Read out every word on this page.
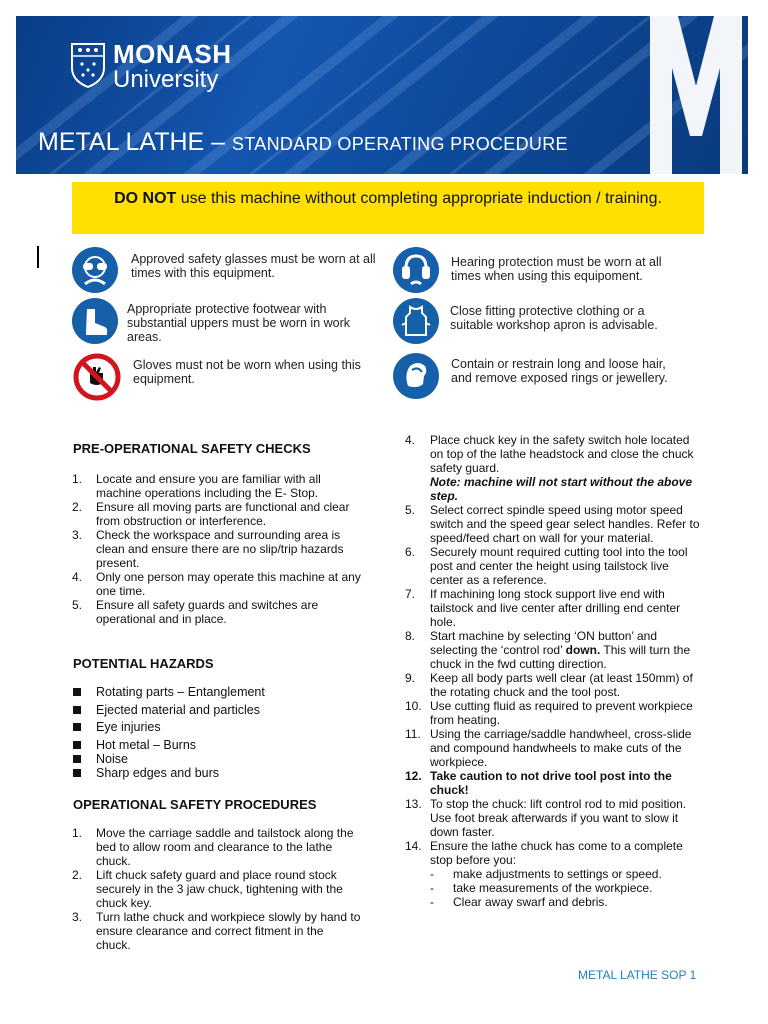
MONASH
University
METAL LATHE – STANDARD OPERATING PROCEDURE
DO NOT use this machine without completing appropriate induction / training.
Approved safety glasses must be worn at all times with this equipment.
Hearing protection must be worn at all times when using this equipoment.
Appropriate protective footwear with substantial uppers must be worn in work areas.
Close fitting protective clothing or a suitable workshop apron is advisable.
Gloves must not be worn when using this equipment.
Contain or restrain long and loose hair, and remove exposed rings or jewellery.
PRE-OPERATIONAL SAFETY CHECKS
1. Locate and ensure you are familiar with all machine operations including the E- Stop.
2. Ensure all moving parts are functional and clear from obstruction or interference.
3. Check the workspace and surrounding area is clean and ensure there are no slip/trip hazards present.
4. Only one person may operate this machine at any one time.
5. Ensure all safety guards and switches are operational and in place.
POTENTIAL HAZARDS
Rotating parts – Entanglement
Ejected material and particles
Eye injuries
Hot metal – Burns
Noise
Sharp edges and burs
OPERATIONAL SAFETY PROCEDURES
1. Move the carriage saddle and tailstock along the bed to allow room and clearance to the lathe chuck.
2. Lift chuck safety guard and place round stock securely in the 3 jaw chuck, tightening with the chuck key.
3. Turn lathe chuck and workpiece slowly by hand to ensure clearance and correct fitment in the chuck.
4. Place chuck key in the safety switch hole located on top of the lathe headstock and close the chuck safety guard.
Note: machine will not start without the above step.
5. Select correct spindle speed using motor speed switch and the speed gear select handles. Refer to speed/feed chart on wall for your material.
6. Securely mount required cutting tool into the tool post and center the height using tailstock live center as a reference.
7. If machining long stock support live end with tailstock and live center after drilling end center hole.
8. Start machine by selecting ‘ON button’ and selecting the ‘control rod’ down. This will turn the chuck in the fwd cutting direction.
9. Keep all body parts well clear (at least 150mm) of the rotating chuck and the tool post.
10. Use cutting fluid as required to prevent workpiece from heating.
11. Using the carriage/saddle handwheel, cross-slide and compound handwheels to make cuts of the workpiece.
12. Take caution to not drive tool post into the chuck!
13. To stop the chuck: lift control rod to mid position. Use foot break afterwards if you want to slow it down faster.
14. Ensure the lathe chuck has come to a complete stop before you:
- make adjustments to settings or speed.
- take measurements of the workpiece.
- Clear away swarf and debris.
METAL LATHE SOP 1
